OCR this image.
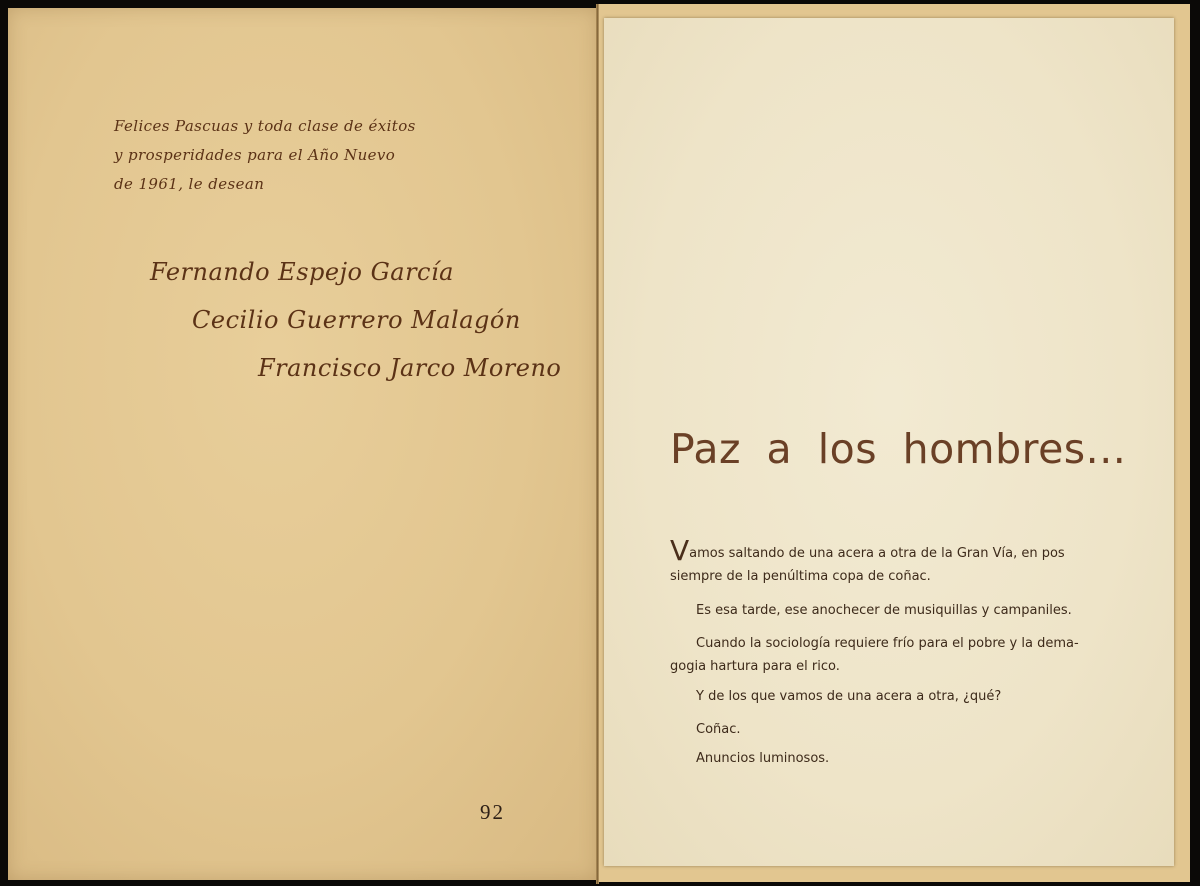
Felices Pascuas y toda clase de éxitos
y prosperidades para el Año Nuevo
de 1961, le desean
Fernando Espejo García
Cecilio Guerrero Malagón
Francisco Jarco Moreno
92
Paz a los hombres...
Vamos saltando de una acera a otra de la Gran Vía, en pos
siempre de la penúltima copa de coñac.
Es esa tarde, ese anochecer de musiquillas y campaniles.
Cuando la sociología requiere frío para el pobre y la dema-
gogia hartura para el rico.
Y de los que vamos de una acera a otra, ¿qué?
Coñac.
Anuncios luminosos.
